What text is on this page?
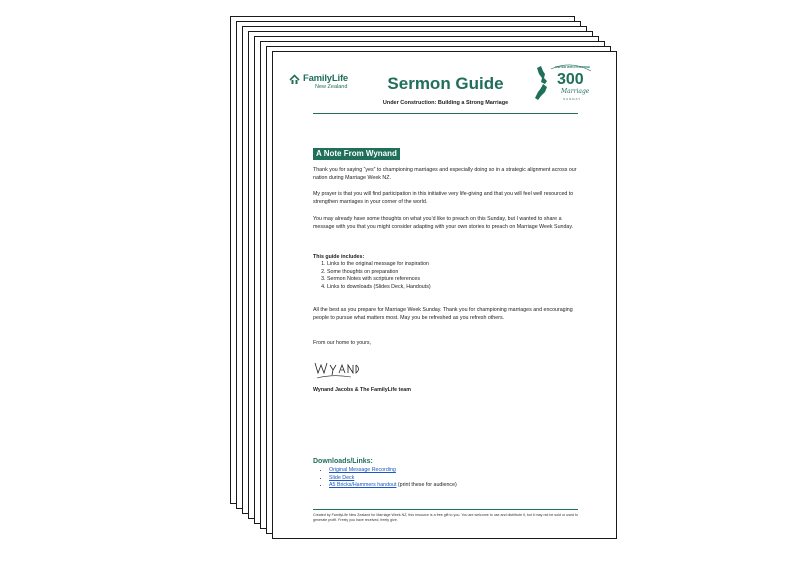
FamilyLife
New Zealand	Sermon Guide
Under Construction: Building a Strong Marriage
UNITED WITH PURPOSE
300
Marriage
SUNDAY
A Note From Wynand

Thank you for saying “yes” to championing marriages and especially doing so in a strategic alignment across our nation during Marriage Week NZ.

My prayer is that you will find participation in this initiative very life-giving and that you will feel well resourced to strengthen marriages in your corner of the world.

You may already have some thoughts on what you’d like to preach on this Sunday, but I wanted to share a message with you that you might consider adapting with your own stories to preach on Marriage Week Sunday.

This guide includes:

1. Links to the original message for inspiration
2. Some thoughts on preparation
3. Sermon Notes with scripture references
4. Links to downloads (Slides Deck, Handouts)

All the best as you prepare for Marriage Week Sunday. Thank you for championing marriages and encouraging people to pursue what matters most. May you be refreshed as you refresh others.

From our home to yours,

Wynand Jacobs & The FamilyLife team
Downloads/Links:
• Original Message Recording
• Slide Deck
• A5 Bricks/Hammers handout (print these for audience)
Created by FamilyLife New Zealand for Marriage Week NZ, this resource is a free gift to you. You are welcome to use and distribute it, but it may not be sold or used to generate profit. Freely you have received, freely give.
